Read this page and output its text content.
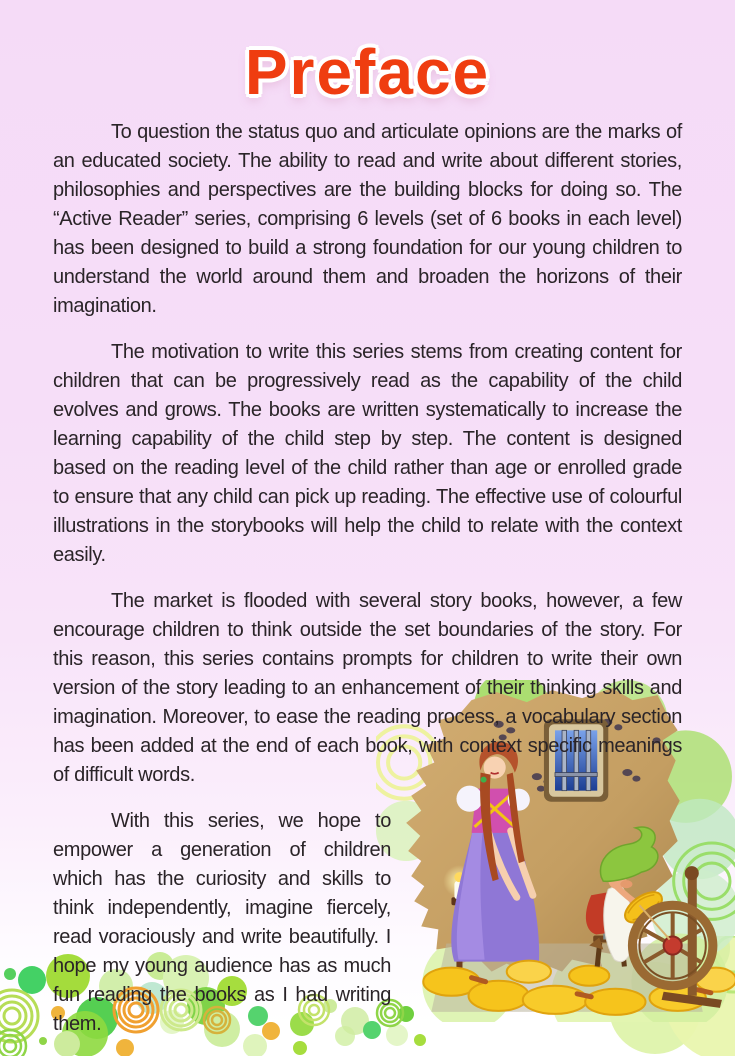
Preface

To question the status quo and articulate opinions are the marks of an educated society. The ability to read and write about different stories, philosophies and perspectives are the building blocks for doing so. The “Active Reader” series, comprising 6 levels (set of 6 books in each level) has been designed to build a strong foundation for our young children to understand the world around them and broaden the horizons of their imagination.

The motivation to write this series stems from creating content for children that can be progressively read as the capability of the child evolves and grows. The books are written systematically to increase the learning capability of the child step by step. The content is designed based on the reading level of the child rather than age or enrolled grade to ensure that any child can pick up reading. The effective use of colourful illustrations in the storybooks will help the child to relate with the context easily.

The market is flooded with several story books, however, a few encourage children to think outside the set boundaries of the story. For this reason, this series contains prompts for children to write their own version of the story leading to an enhancement of their thinking skills and imagination. Moreover, to ease the reading process, a vocabulary section has been added at the end of each book, with context specific meanings of difficult words.

With this series, we hope to empower a generation of children which has the curiosity and skills to think independently, imagine fiercely, read voraciously and write beautifully. I hope my young audience has as much fun reading the books as I had writing them.
